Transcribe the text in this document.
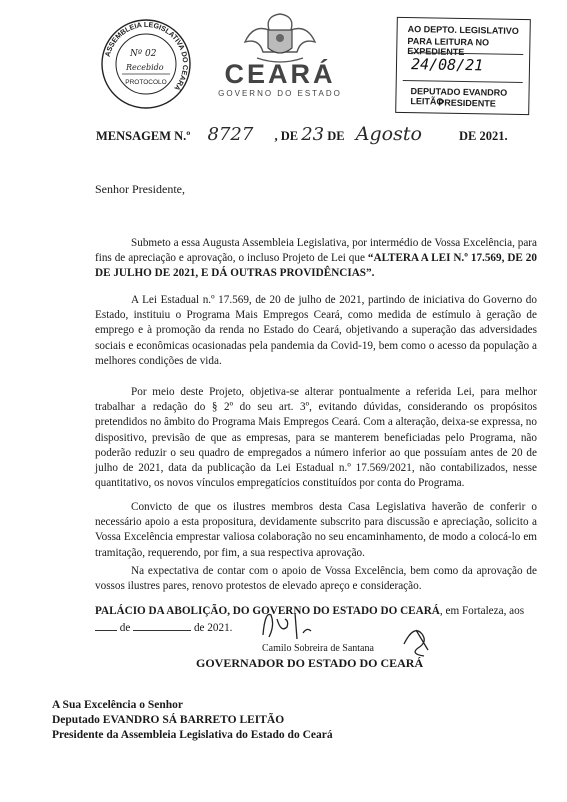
ASSEMBLEIA LEGISLATIVA DO CEARÁ
PROTOCOLO
Nº 02
Recebido CEARÁ
GOVERNO DO ESTADO
AO DEPTO. LEGISLATIVO
PARA LEITURA NO EXPEDIENTE
24/08/21
DEPUTADO EVANDRO LEITÃO
PRESIDENTE
MENSAGEM N.º 8727 , DE 23 DE Agosto	DE 2021.
Senhor Presidente,
Submeto a essa Augusta Assembleia Legislativa, por intermédio de Vossa Excelência, para fins de apreciação e aprovação, o incluso Projeto de Lei que “ALTERA A LEI N.º 17.569, DE 20 DE JULHO DE 2021, E DÁ OUTRAS PROVIDÊNCIAS”.
A Lei Estadual n.º 17.569, de 20 de julho de 2021, partindo de iniciativa do Governo do Estado, instituiu o Programa Mais Empregos Ceará, como medida de estímulo à geração de emprego e à promoção da renda no Estado do Ceará, objetivando a superação das adversidades sociais e econômicas ocasionadas pela pandemia da Covid-19, bem como o acesso da população a melhores condições de vida.
Por meio deste Projeto, objetiva-se alterar pontualmente a referida Lei, para melhor trabalhar a redação do § 2º do seu art. 3º, evitando dúvidas, considerando os propósitos pretendidos no âmbito do Programa Mais Empregos Ceará. Com a alteração, deixa-se expressa, no dispositivo, previsão de que as empresas, para se manterem beneficiadas pelo Programa, não poderão reduzir o seu quadro de empregados a número inferior ao que possuíam antes de 20 de julho de 2021, data da publicação da Lei Estadual n.º 17.569/2021, não contabilizados, nesse quantitativo, os novos vínculos empregatícios constituídos por conta do Programa.
Convicto de que os ilustres membros desta Casa Legislativa haverão de conferir o necessário apoio a esta propositura, devidamente subscrito para discussão e apreciação, solicito a Vossa Excelência emprestar valiosa colaboração no seu encaminhamento, de modo a colocá-lo em tramitação, requerendo, por fim, a sua respectiva aprovação.
Na expectativa de contar com o apoio de Vossa Excelência, bem como da aprovação de vossos ilustres pares, renovo protestos de elevado apreço e consideração.
PALÁCIO DA ABOLIÇÃO, DO GOVERNO DO ESTADO DO CEARÁ, em Fortaleza, aos
de	de 2021.
Camilo Sobreira de Santana
GOVERNADOR DO ESTADO DO CEARÁ
A Sua Excelência o Senhor
Deputado EVANDRO SÁ BARRETO LEITÃO
Presidente da Assembleia Legislativa do Estado do Ceará
